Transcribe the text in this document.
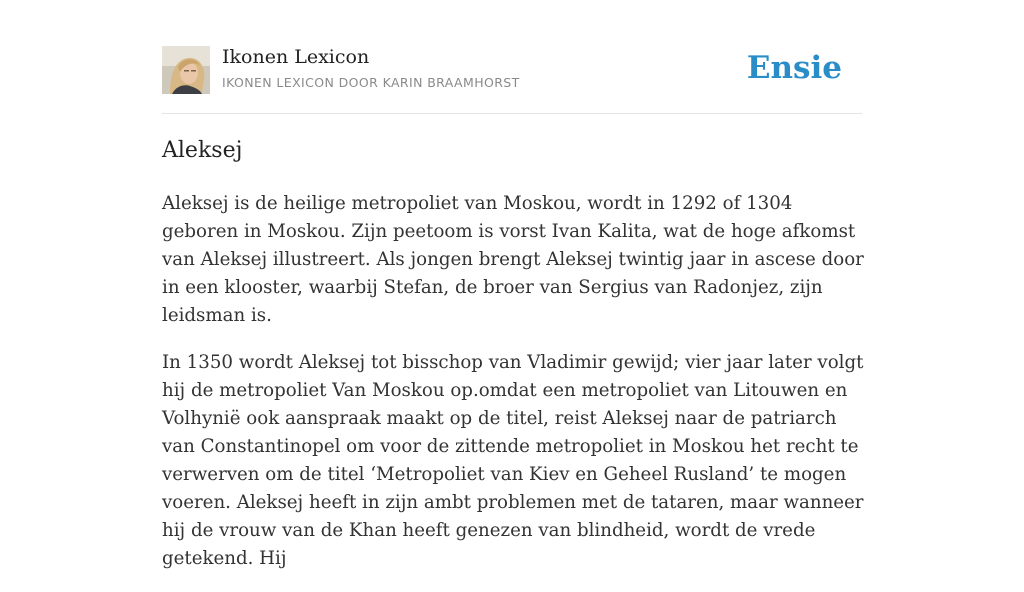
Ikonen Lexicon
IKONEN LEXICON DOOR KARIN BRAAMHORST	Ensie
Aleksej

Aleksej is de heilige metropoliet van Moskou, wordt in 1292 of 1304 geboren in Moskou. Zijn peetoom is vorst Ivan Kalita, wat de hoge afkomst van Aleksej illustreert. Als jongen brengt Aleksej twintig jaar in ascese door in een klooster, waarbij Stefan, de broer van Sergius van Radonjez, zijn leidsman is.

In 1350 wordt Aleksej tot bisschop van Vladimir gewijd; vier jaar later volgt hij de metropoliet Van Moskou op.omdat een metropoliet van Litouwen en Volhynië ook aanspraak maakt op de titel, reist Aleksej naar de patriarch van Constantinopel om voor de zittende metropoliet in Moskou het recht te verwerven om de titel ‘Metropoliet van Kiev en Geheel Rusland’ te mogen voeren. Aleksej heeft in zijn ambt problemen met de tataren, maar wanneer hij de vrouw van de Khan heeft genezen van blindheid, wordt de vrede getekend. Hij
